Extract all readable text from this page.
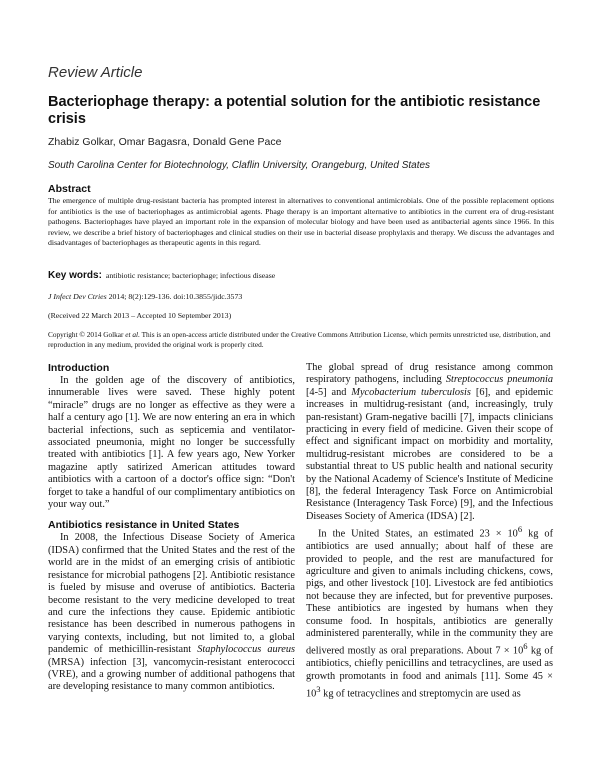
Review Article
Bacteriophage therapy: a potential solution for the antibiotic resistance crisis
Zhabiz Golkar, Omar Bagasra, Donald Gene Pace
South Carolina Center for Biotechnology, Claflin University, Orangeburg, United States
Abstract
The emergence of multiple drug-resistant bacteria has prompted interest in alternatives to conventional antimicrobials. One of the possible replacement options for antibiotics is the use of bacteriophages as antimicrobial agents. Phage therapy is an important alternative to antibiotics in the current era of drug-resistant pathogens. Bacteriophages have played an important role in the expansion of molecular biology and have been used as antibacterial agents since 1966. In this review, we describe a brief history of bacteriophages and clinical studies on their use in bacterial disease prophylaxis and therapy. We discuss the advantages and disadvantages of bacteriophages as therapeutic agents in this regard.
Key words: antibiotic resistance; bacteriophage; infectious disease
J Infect Dev Ctries 2014; 8(2):129-136. doi:10.3855/jidc.3573
(Received 22 March 2013 – Accepted 10 September 2013)
Copyright © 2014 Golkar et al. This is an open-access article distributed under the Creative Commons Attribution License, which permits unrestricted use, distribution, and reproduction in any medium, provided the original work is properly cited.

Introduction

In the golden age of the discovery of antibiotics, innumerable lives were saved. These highly potent “miracle” drugs are no longer as effective as they were a half a century ago [1]. We are now entering an era in which bacterial infections, such as septicemia and ventilator-associated pneumonia, might no longer be successfully treated with antibiotics [1]. A few years ago, New Yorker magazine aptly satirized American attitudes toward antibiotics with a cartoon of a doctor's office sign: “Don't forget to take a handful of our complimentary antibiotics on your way out.”

Antibiotics resistance in United States

In 2008, the Infectious Disease Society of America (IDSA) confirmed that the United States and the rest of the world are in the midst of an emerging crisis of antibiotic resistance for microbial pathogens [2]. Antibiotic resistance is fueled by misuse and overuse of antibiotics. Bacteria become resistant to the very medicine developed to treat and cure the infections they cause. Epidemic antibiotic resistance has been described in numerous pathogens in varying contexts, including, but not limited to, a global pandemic of methicillin-resistant Staphylococcus aureus (MRSA) infection [3], vancomycin-resistant enterococci (VRE), and a growing number of additional pathogens that are developing resistance to many common antibiotics.

The global spread of drug resistance among common respiratory pathogens, including Streptococcus pneumonia [4-5] and Mycobacterium tuberculosis [6], and epidemic increases in multidrug-resistant (and, increasingly, truly pan-resistant) Gram-negative bacilli [7], impacts clinicians practicing in every field of medicine. Given their scope of effect and significant impact on morbidity and mortality, multidrug-resistant microbes are considered to be a substantial threat to US public health and national security by the National Academy of Science's Institute of Medicine [8], the federal Interagency Task Force on Antimicrobial Resistance (Interagency Task Force) [9], and the Infectious Diseases Society of America (IDSA) [2].

In the United States, an estimated $23 \times 10^6$ kg of antibiotics are used annually; about half of these are provided to people, and the rest are manufactured for agriculture and given to animals including chickens, cows, pigs, and other livestock [10]. Livestock are fed antibiotics not because they are infected, but for preventive purposes. These antibiotics are ingested by humans when they consume food. In hospitals, antibiotics are generally administered parenterally, while in the community they are delivered mostly as oral preparations. About $7 \times 10^6$ kg of antibiotics, chiefly penicillins and tetracyclines, are used as growth promotants in food and animals [11]. Some $45 \times 10^3$ kg of tetracyclines and streptomycin are used as
